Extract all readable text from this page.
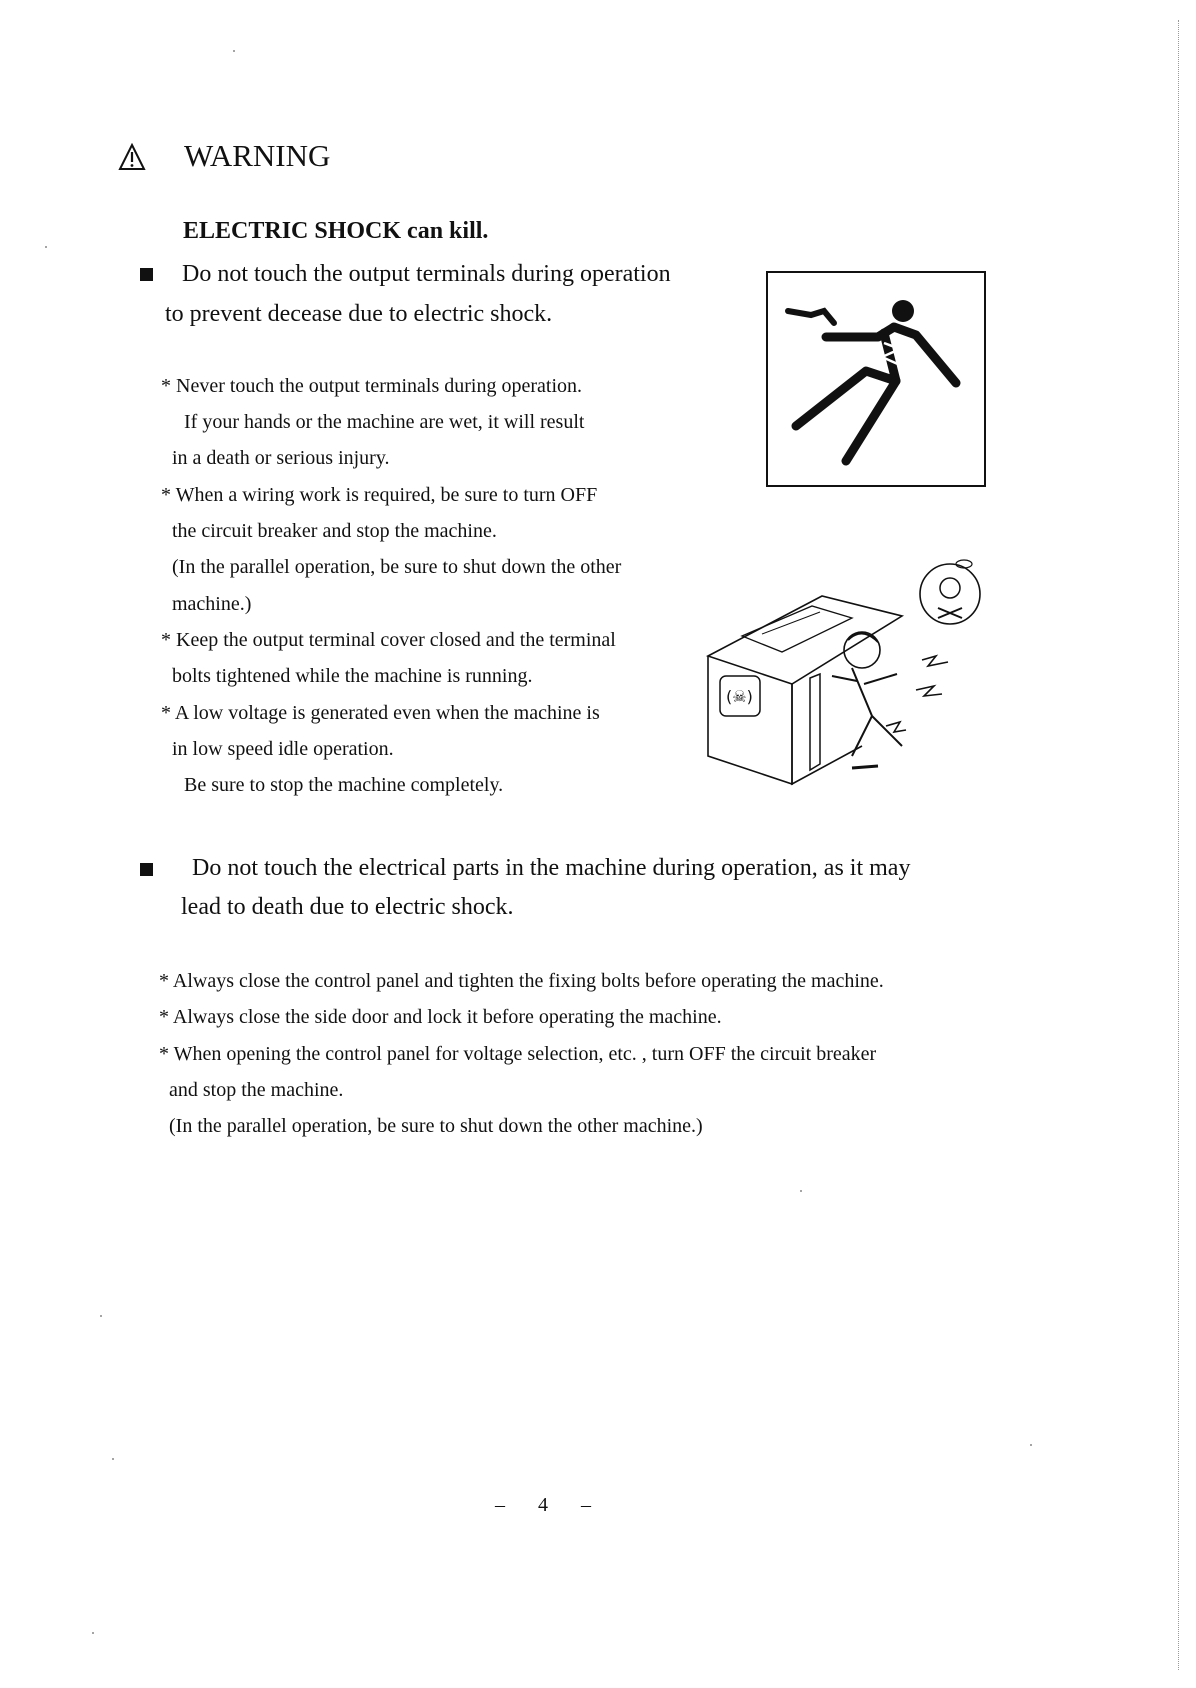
WARNING
ELECTRIC SHOCK can kill.
Do not touch the output terminals during operation
to prevent decease due to electric shock.
* Never touch the output terminals during operation.
If your hands or the machine are wet, it will result
in a death or serious injury.
* When a wiring work is required, be sure to turn OFF
the circuit breaker and stop the machine.
(In the parallel operation, be sure to shut down the other
machine.)
* Keep the output terminal cover closed and the terminal
bolts tightened while the machine is running.
* A low voltage is generated even when the machine is
in low speed idle operation.
Be sure to stop the machine completely.
(☠)
Do not touch the electrical parts in the machine during operation, as it may
lead to death due to electric shock.
* Always close the control panel and tighten the fixing bolts before operating the machine.
* Always close the side door and lock it before operating the machine.
* When opening the control panel for voltage selection, etc. , turn OFF the circuit breaker
and stop the machine.
(In the parallel operation, be sure to shut down the other machine.)
– 4 –
